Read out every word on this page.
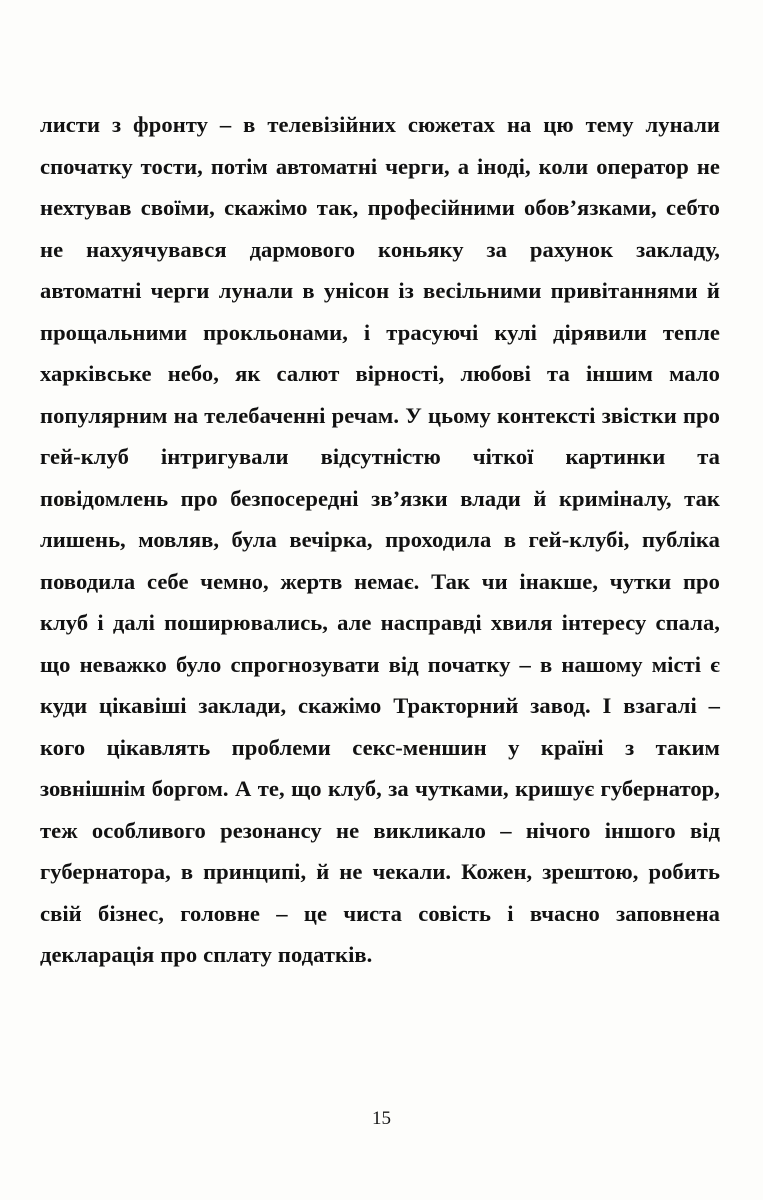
листи з фронту – в телевізійних сюжетах на цю тему лунали спочатку тости, потім автоматні черги, а іноді, коли оператор не нехтував своїми, скажімо так, професійними обов’язками, себто не нахуячувався дармового коньяку за рахунок закладу, автоматні черги лунали в унісон із весільними привітаннями й прощальними прокльонами, і трасуючі кулі дірявили тепле харківське небо, як салют вірності, любові та іншим мало популярним на телебаченні речам. У цьому контексті звістки про гей-клуб інтригували відсутністю чіткої картинки та повідомлень про безпосередні зв’язки влади й криміналу, так лишень, мовляв, була вечірка, проходила в гей-клубі, публіка поводила себе чемно, жертв немає. Так чи інакше, чутки про клуб і далі поширювались, але насправді хвиля інтересу спала, що неважко було спрогнозувати від початку – в нашому місті є куди цікавіші заклади, скажімо Тракторний завод. І взагалі – кого цікавлять проблеми секс-меншин у країні з таким зовнішнім боргом. А те, що клуб, за чутками, кришує губернатор, теж особливого резонансу не викликало – нічого іншого від губернатора, в принципі, й не чекали. Кожен, зрештою, робить свій бізнес, головне – це чиста совість і вчасно заповнена декларація про сплату податків.

15
